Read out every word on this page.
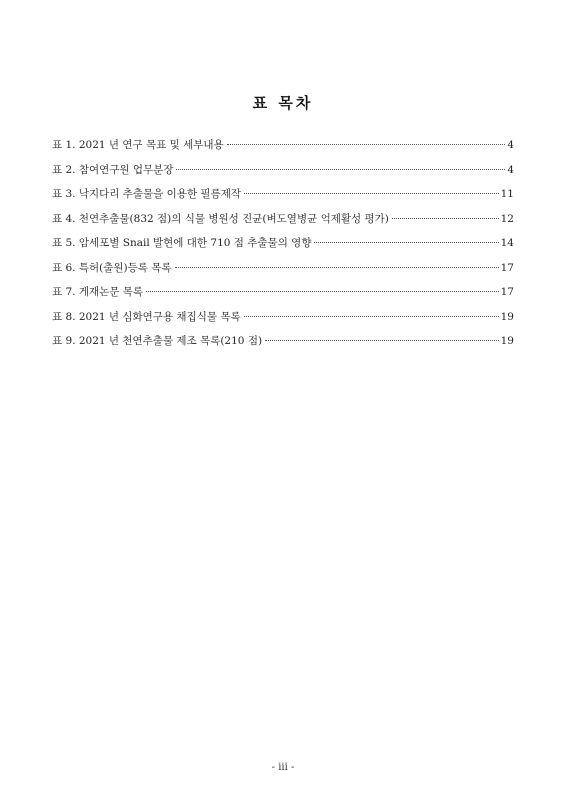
표 목차
표 1. 2021 년 연구 목표 및 세부내용	4
표 2. 참여연구원 업무분장	4
표 3. 낙지다리 추출물을 이용한 필름제작	11
표 4. 천연추출물(832 점)의 식물 병원성 진균(벼도열병균 억제활성 평가)	12
표 5. 암세포별 Snail 발현에 대한 710 점 추출물의 영향	14
표 6. 특허(출원)등록 목록	17
표 7. 게재논문 목록	17
표 8. 2021 년 심화연구용 채집식물 목록	19
표 9. 2021 년 천연추출물 제조 목록(210 점)	19
- iii -
